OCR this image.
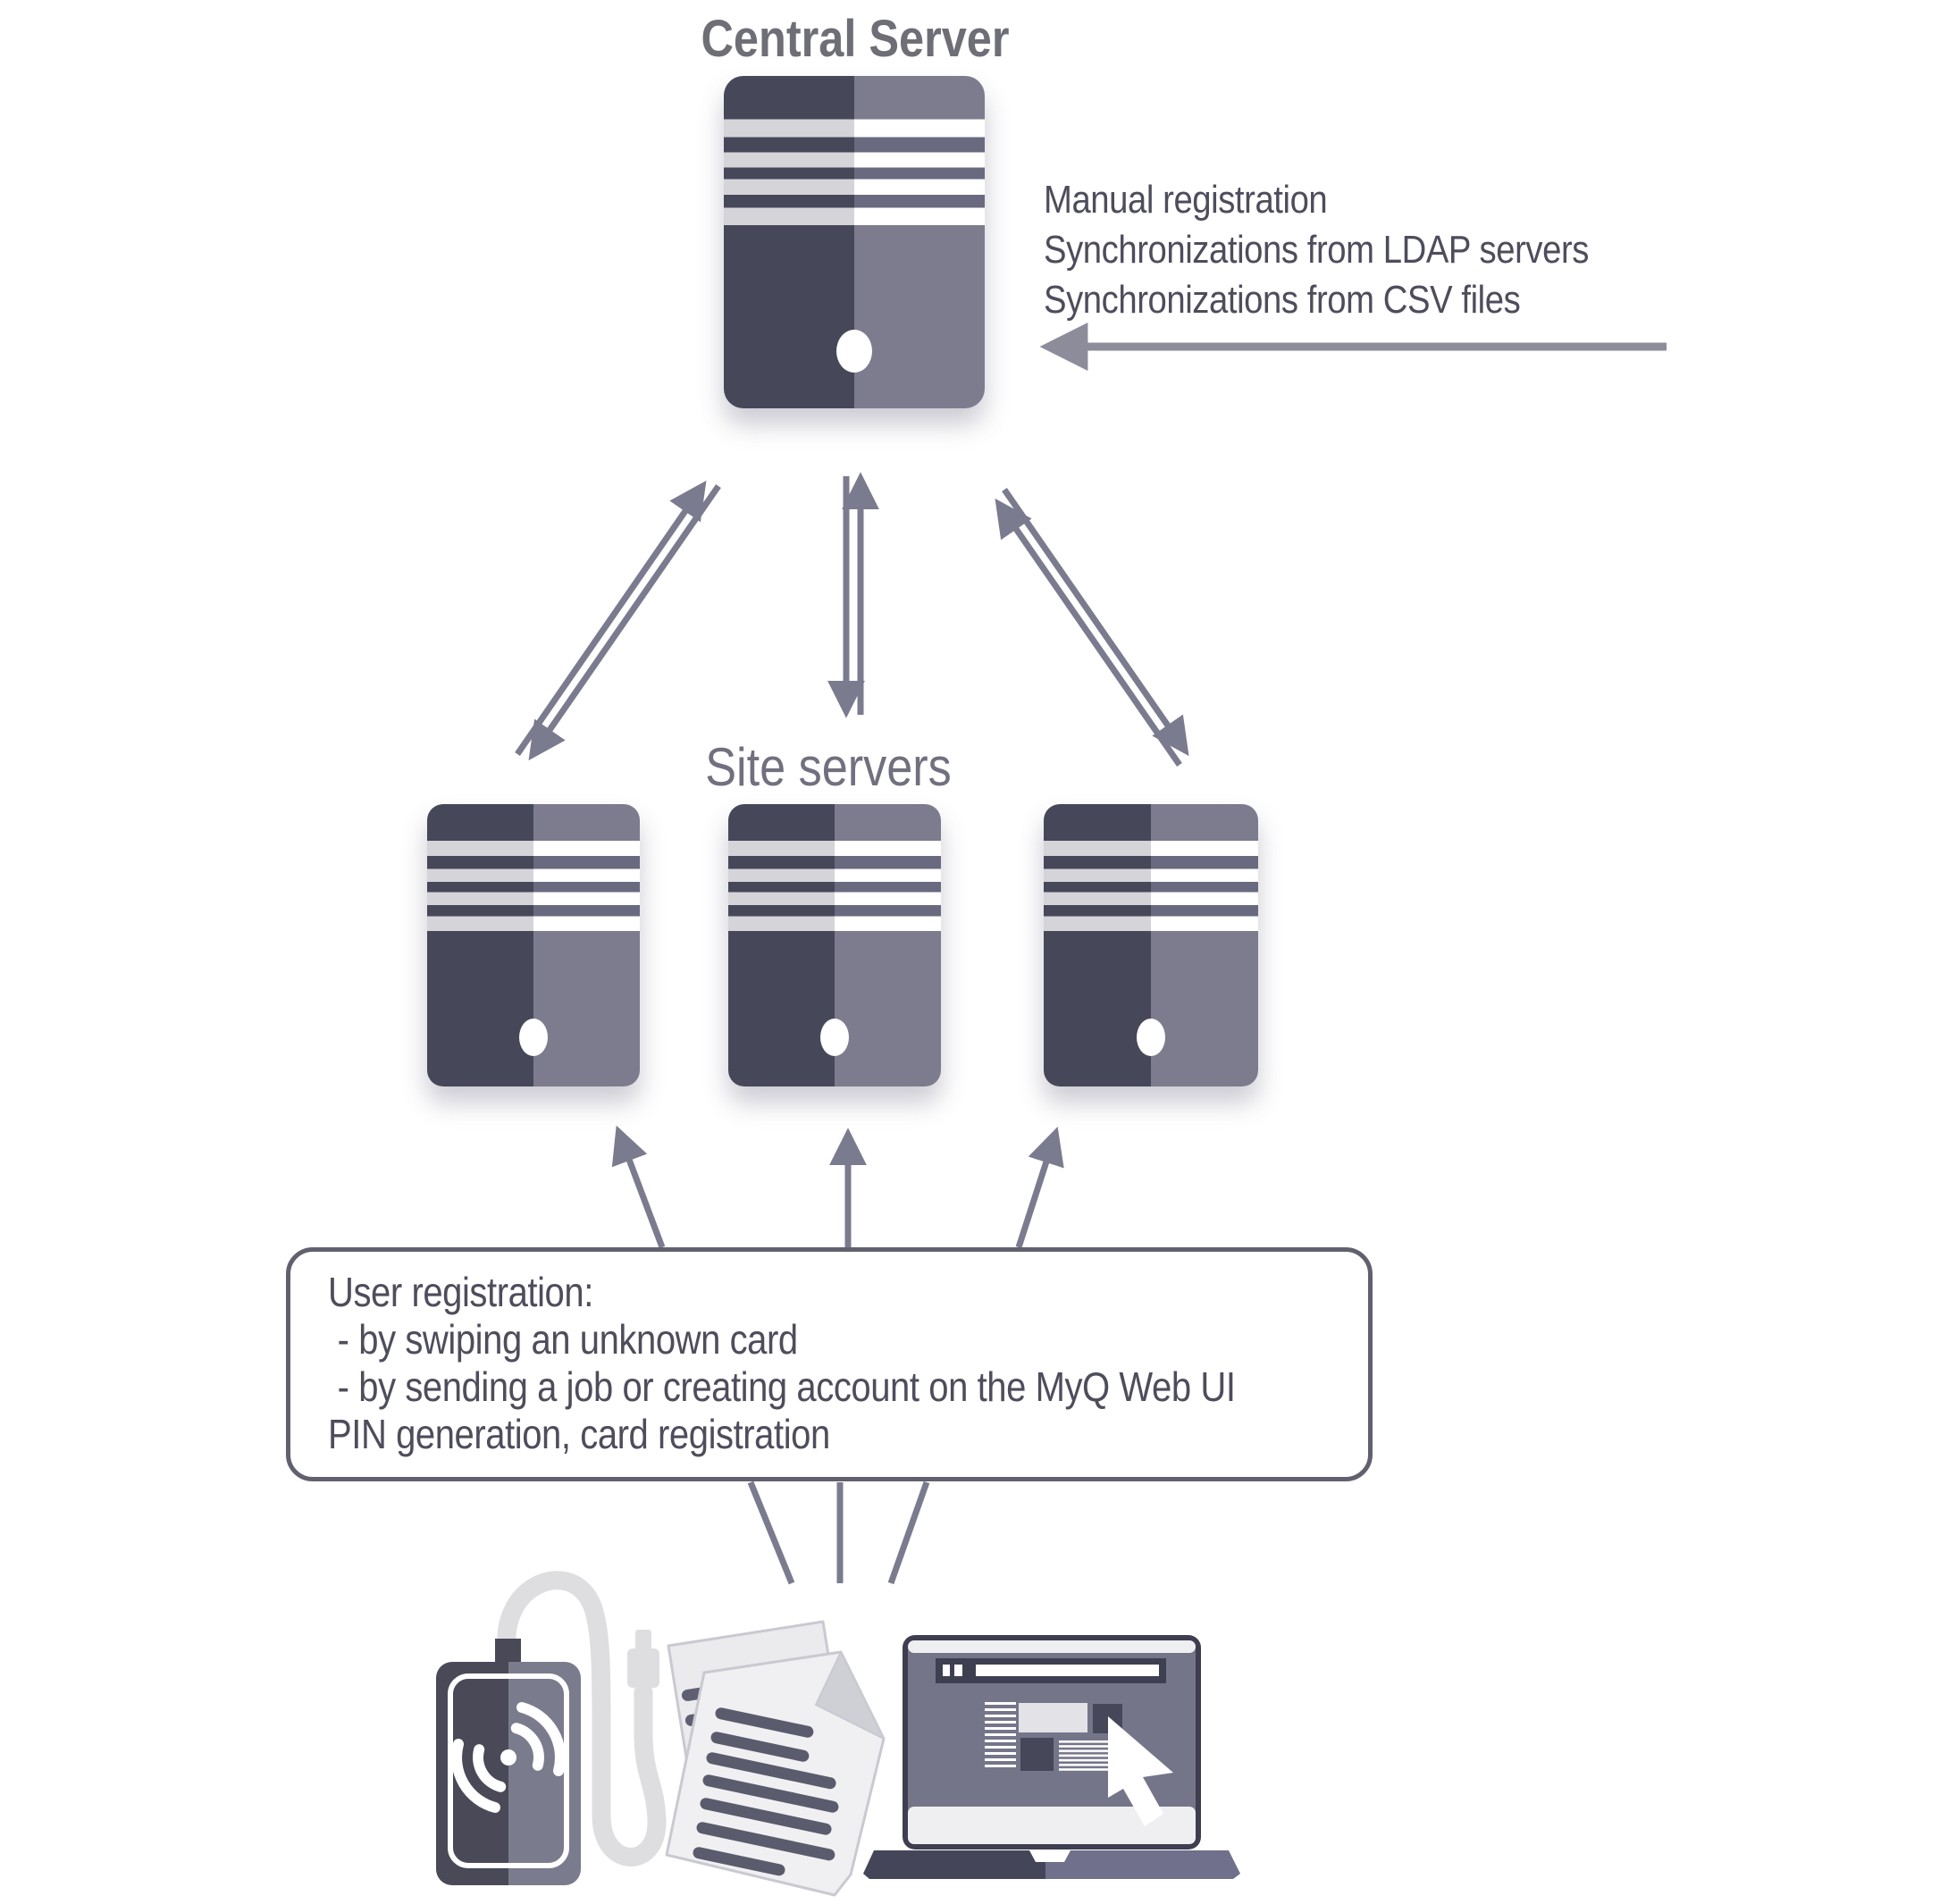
Central Server
Manual registration
Synchronizations from LDAP servers
Synchronizations from CSV files
Site servers
User registration:
- by swiping an unknown card
- by sending a job or creating account on the MyQ Web UI
PIN generation, card registration
